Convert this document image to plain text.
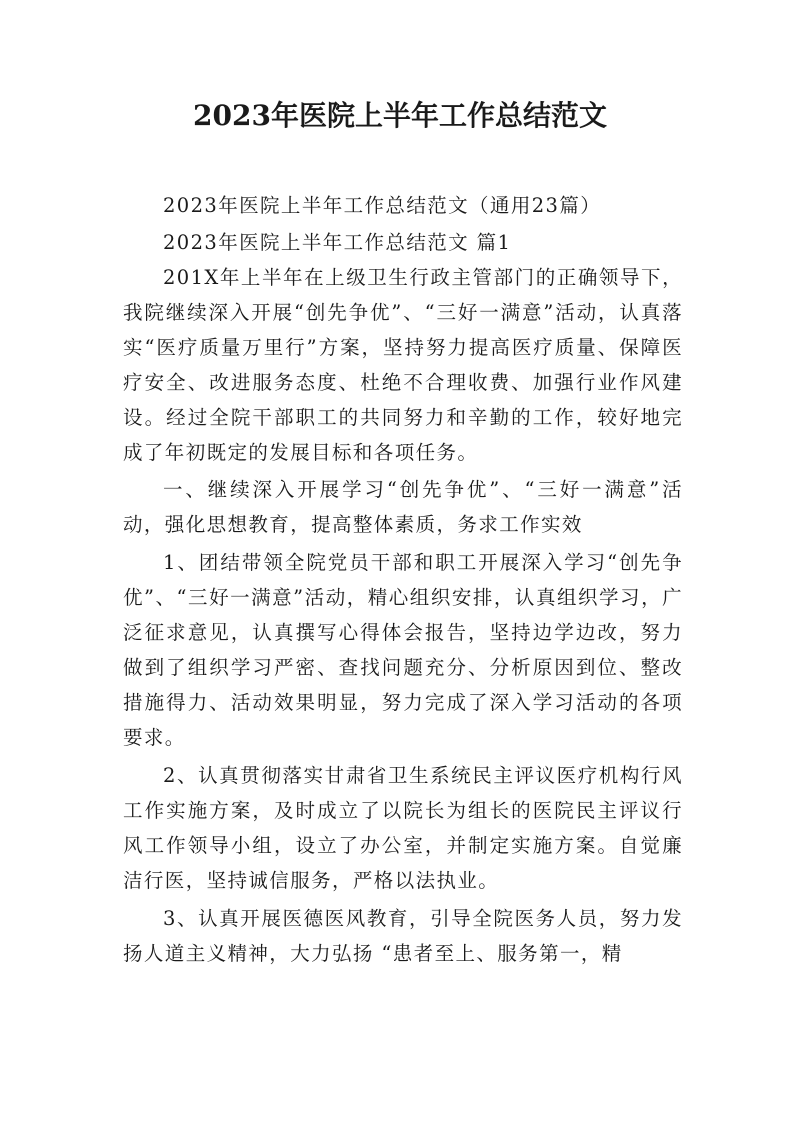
2023年医院上半年工作总结范文

2023年医院上半年工作总结范文（通用23篇）

2023年医院上半年工作总结范文 篇1

201X年上半年在上级卫生行政主管部门的正确领导下，我院继续深入开展“创先争优”、“三好一满意”活动，认真落实“医疗质量万里行”方案，坚持努力提高医疗质量、保障医疗安全、改进服务态度、杜绝不合理收费、加强行业作风建设。经过全院干部职工的共同努力和辛勤的工作，较好地完成了年初既定的发展目标和各项任务。

一、继续深入开展学习“创先争优”、“三好一满意”活动，强化思想教育，提高整体素质，务求工作实效

1、团结带领全院党员干部和职工开展深入学习“创先争优”、“三好一满意”活动，精心组织安排，认真组织学习，广泛征求意见，认真撰写心得体会报告，坚持边学边改，努力做到了组织学习严密、查找问题充分、分析原因到位、整改措施得力、活动效果明显，努力完成了深入学习活动的各项要求。

2、认真贯彻落实甘肃省卫生系统民主评议医疗机构行风工作实施方案，及时成立了以院长为组长的医院民主评议行风工作领导小组，设立了办公室，并制定实施方案。自觉廉洁行医，坚持诚信服务，严格以法执业。

3、认真开展医德医风教育，引导全院医务人员，努力发扬人道主义精神，大力弘扬 “患者至上、服务第一，精
